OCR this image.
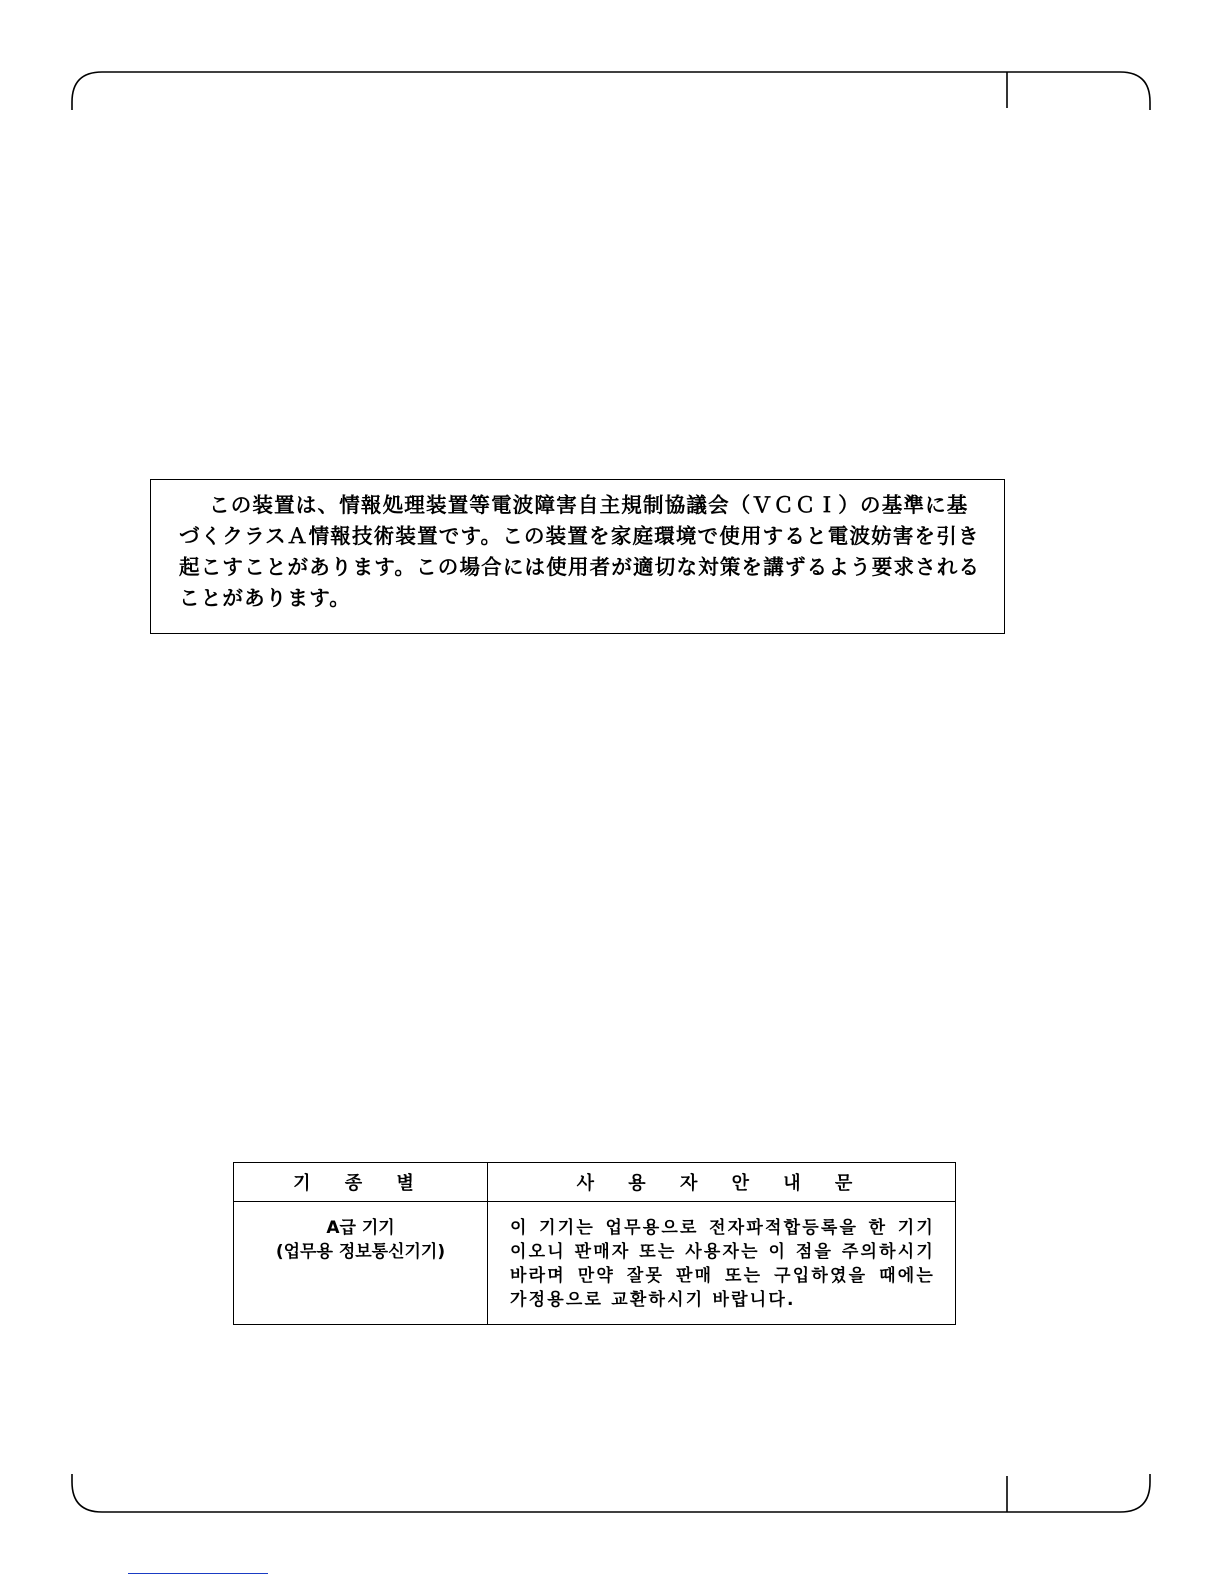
この装置は、情報処理装置等電波障害自主規制協議会（ＶＣＣＩ）の基準に基づくクラスＡ情報技術装置です。この装置を家庭環境で使用すると電波妨害を引き起こすことがあります。この場合には使用者が適切な対策を講ずるよう要求されることがあります。

기 종 별	사 용 자 안 내 문

A급 기기
(업무용 정보통신기기)	이 기기는 업무용으로 전자파적합등록을 한 기기이오니 판매자 또는 사용자는 이 점을 주의하시기 바라며 만약 잘못 판매 또는 구입하였을 때에는 가정용으로 교환하시기 바랍니다.
